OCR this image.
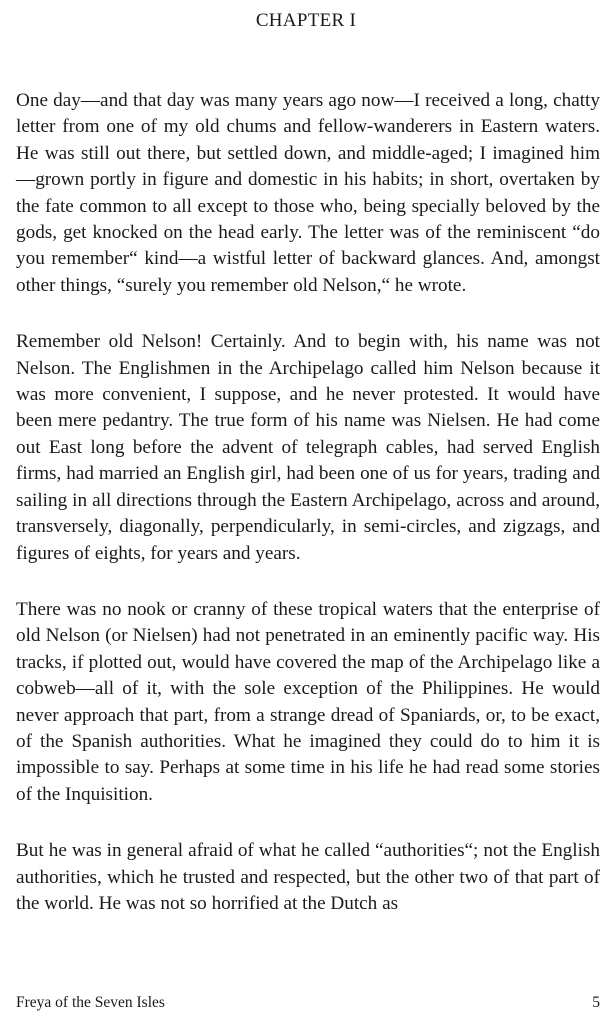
CHAPTER I

One day—and that day was many years ago now—I received a long, chatty letter from one of my old chums and fellow-wanderers in Eastern waters. He was still out there, but settled down, and middle-aged; I imagined him—grown portly in figure and domestic in his habits; in short, overtaken by the fate common to all except to those who, being specially beloved by the gods, get knocked on the head early. The letter was of the reminiscent “do you remember“ kind—a wistful letter of backward glances. And, amongst other things, “surely you remember old Nelson,“ he wrote.

Remember old Nelson! Certainly. And to begin with, his name was not Nelson. The Englishmen in the Archipelago called him Nelson because it was more convenient, I suppose, and he never protested. It would have been mere pedantry. The true form of his name was Nielsen. He had come out East long before the advent of telegraph cables, had served English firms, had married an English girl, had been one of us for years, trading and sailing in all directions through the Eastern Archipelago, across and around, transversely, diagonally, perpendicularly, in semi-circles, and zigzags, and figures of eights, for years and years.

There was no nook or cranny of these tropical waters that the enterprise of old Nelson (or Nielsen) had not penetrated in an eminently pacific way. His tracks, if plotted out, would have covered the map of the Archipelago like a cobweb—all of it, with the sole exception of the Philippines. He would never approach that part, from a strange dread of Spaniards, or, to be exact, of the Spanish authorities. What he imagined they could do to him it is impossible to say. Perhaps at some time in his life he had read some stories of the Inquisition.

But he was in general afraid of what he called “authorities“; not the English authorities, which he trusted and respected, but the other two of that part of the world. He was not so horrified at the Dutch as

Freya of the Seven Isles	5
